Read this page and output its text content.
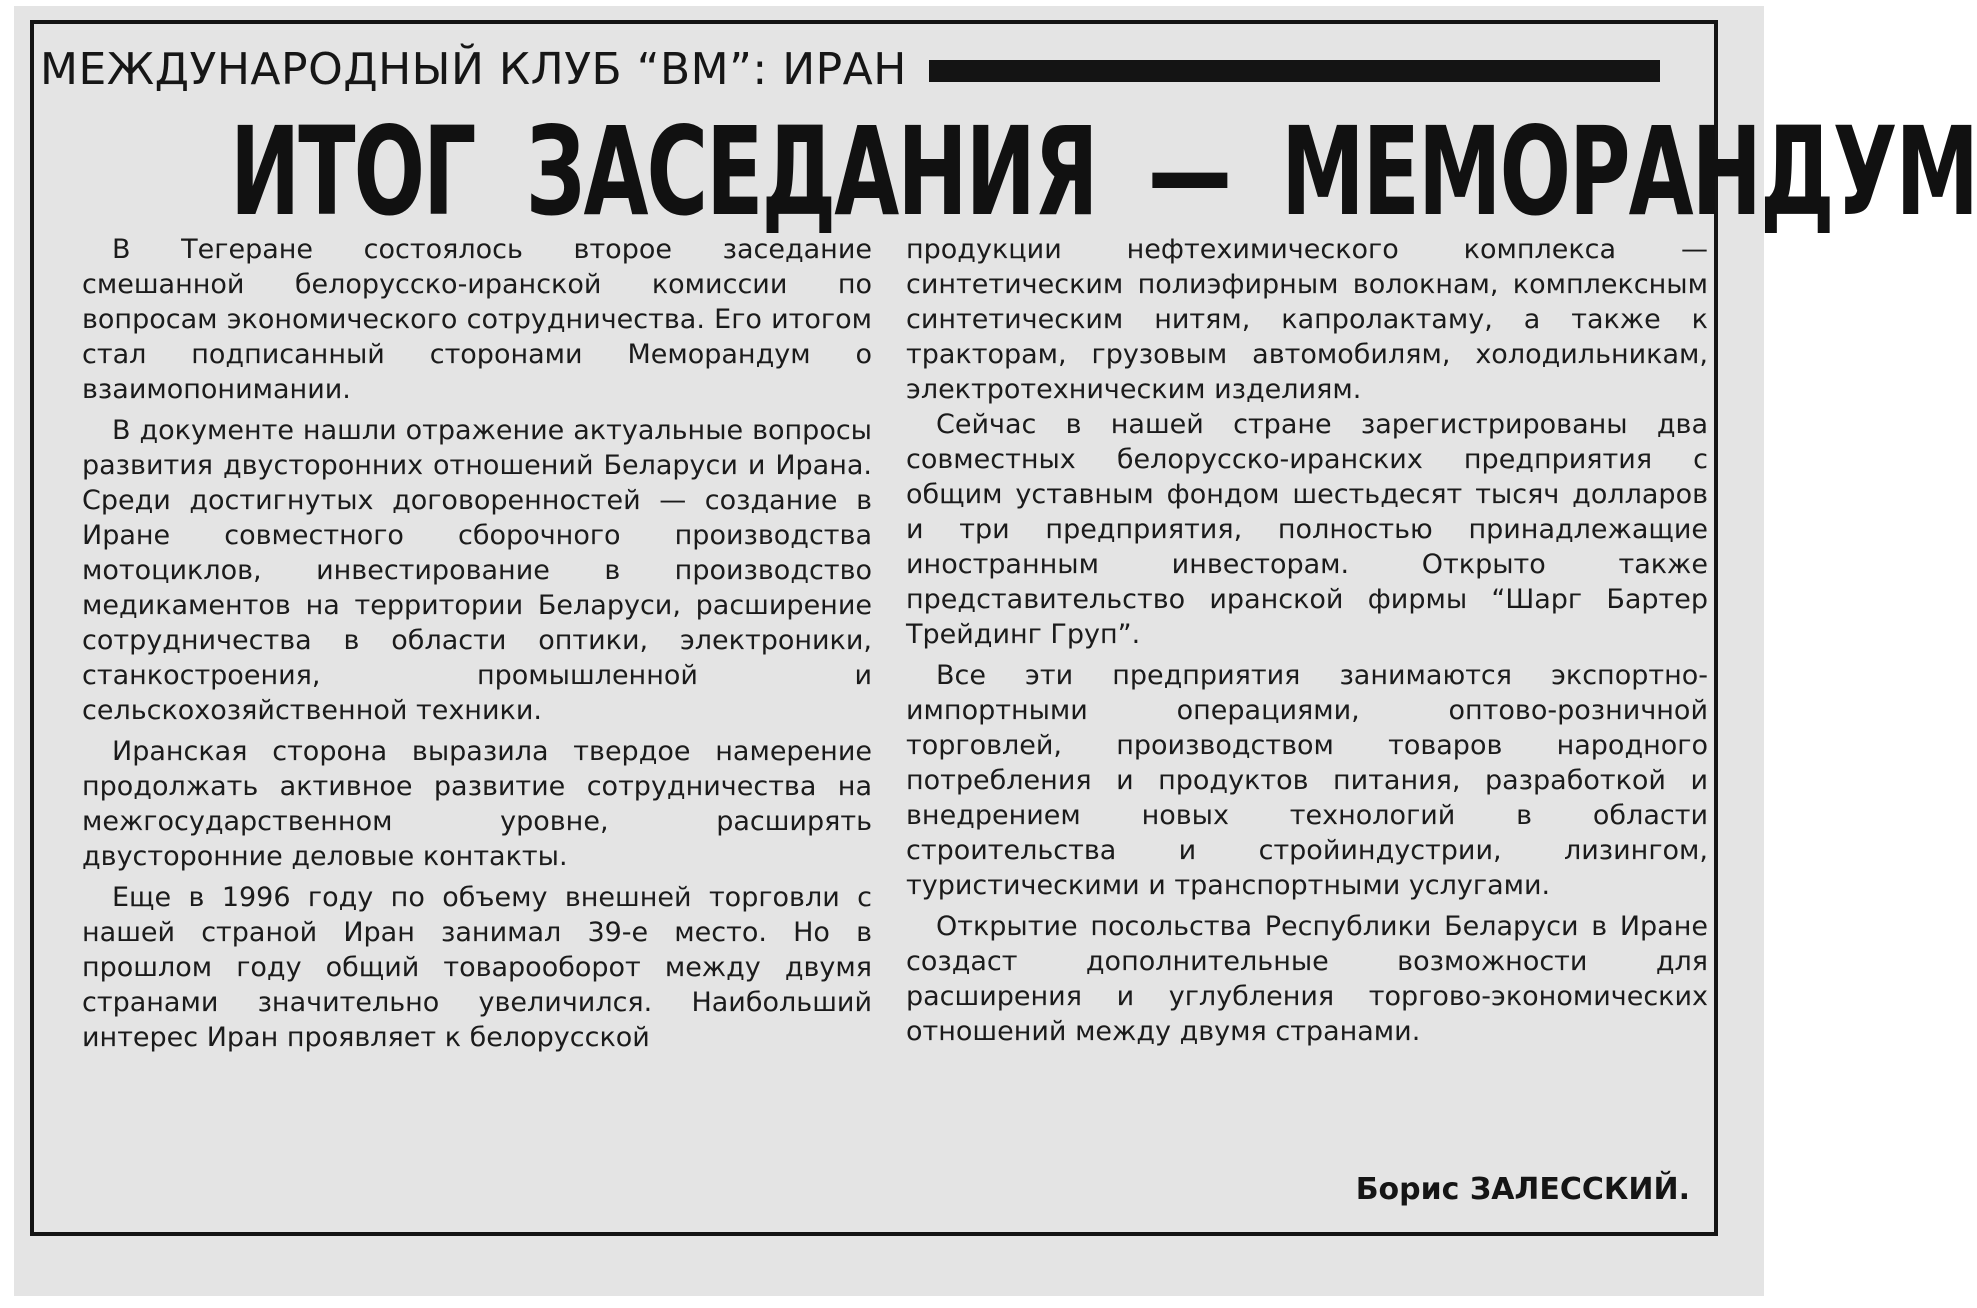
МЕЖДУНАРОДНЫЙ КЛУБ “ВМ”: ИРАН
ИТОГ ЗАСЕДАНИЯ — МЕМОРАНДУМ

В Тегеране состоялось второе заседание смешанной белорусско-иранской комиссии по вопросам экономического сотрудничества. Его итогом стал подписанный сторонами Меморандум о взаимопонимании.

В документе нашли отражение актуальные вопросы развития двусторонних отношений Беларуси и Ирана. Среди достигнутых договоренностей — создание в Иране совместного сборочного производства мотоциклов, инвестирование в производство медикаментов на территории Беларуси, расширение сотрудничества в области оптики, электроники, станкостроения, промышленной и сельскохозяйственной техники.

Иранская сторона выразила твердое намерение продолжать активное развитие сотрудничества на межгосударственном уровне, расширять двусторонние деловые контакты.

Еще в 1996 году по объему внешней торговли с нашей страной Иран занимал 39-е место. Но в прошлом году общий товарооборот между двумя странами значительно увеличился. Наибольший интерес Иран проявляет к белорусской

продукции нефтехимического комплекса — синтетическим полиэфирным волокнам, комплексным синтетическим нитям, капролактаму, а также к тракторам, грузовым автомобилям, холодильникам, электротехническим изделиям.

Сейчас в нашей стране зарегистрированы два совместных белорусско-иранских предприятия с общим уставным фондом шестьдесят тысяч долларов и три предприятия, полностью принадлежащие иностранным инвесторам. Открыто также представительство иранской фирмы “Шарг Бартер Трейдинг Груп”.

Все эти предприятия занимаются экспортно-импортными операциями, оптово-розничной торговлей, производством товаров народного потребления и продуктов питания, разработкой и внедрением новых технологий в области строительства и стройиндустрии, лизингом, туристическими и транспортными услугами.

Открытие посольства Республики Беларуси в Иране создаст дополнительные возможности для расширения и углубления торгово-экономических отношений между двумя странами.

Борис ЗАЛЕССКИЙ.
